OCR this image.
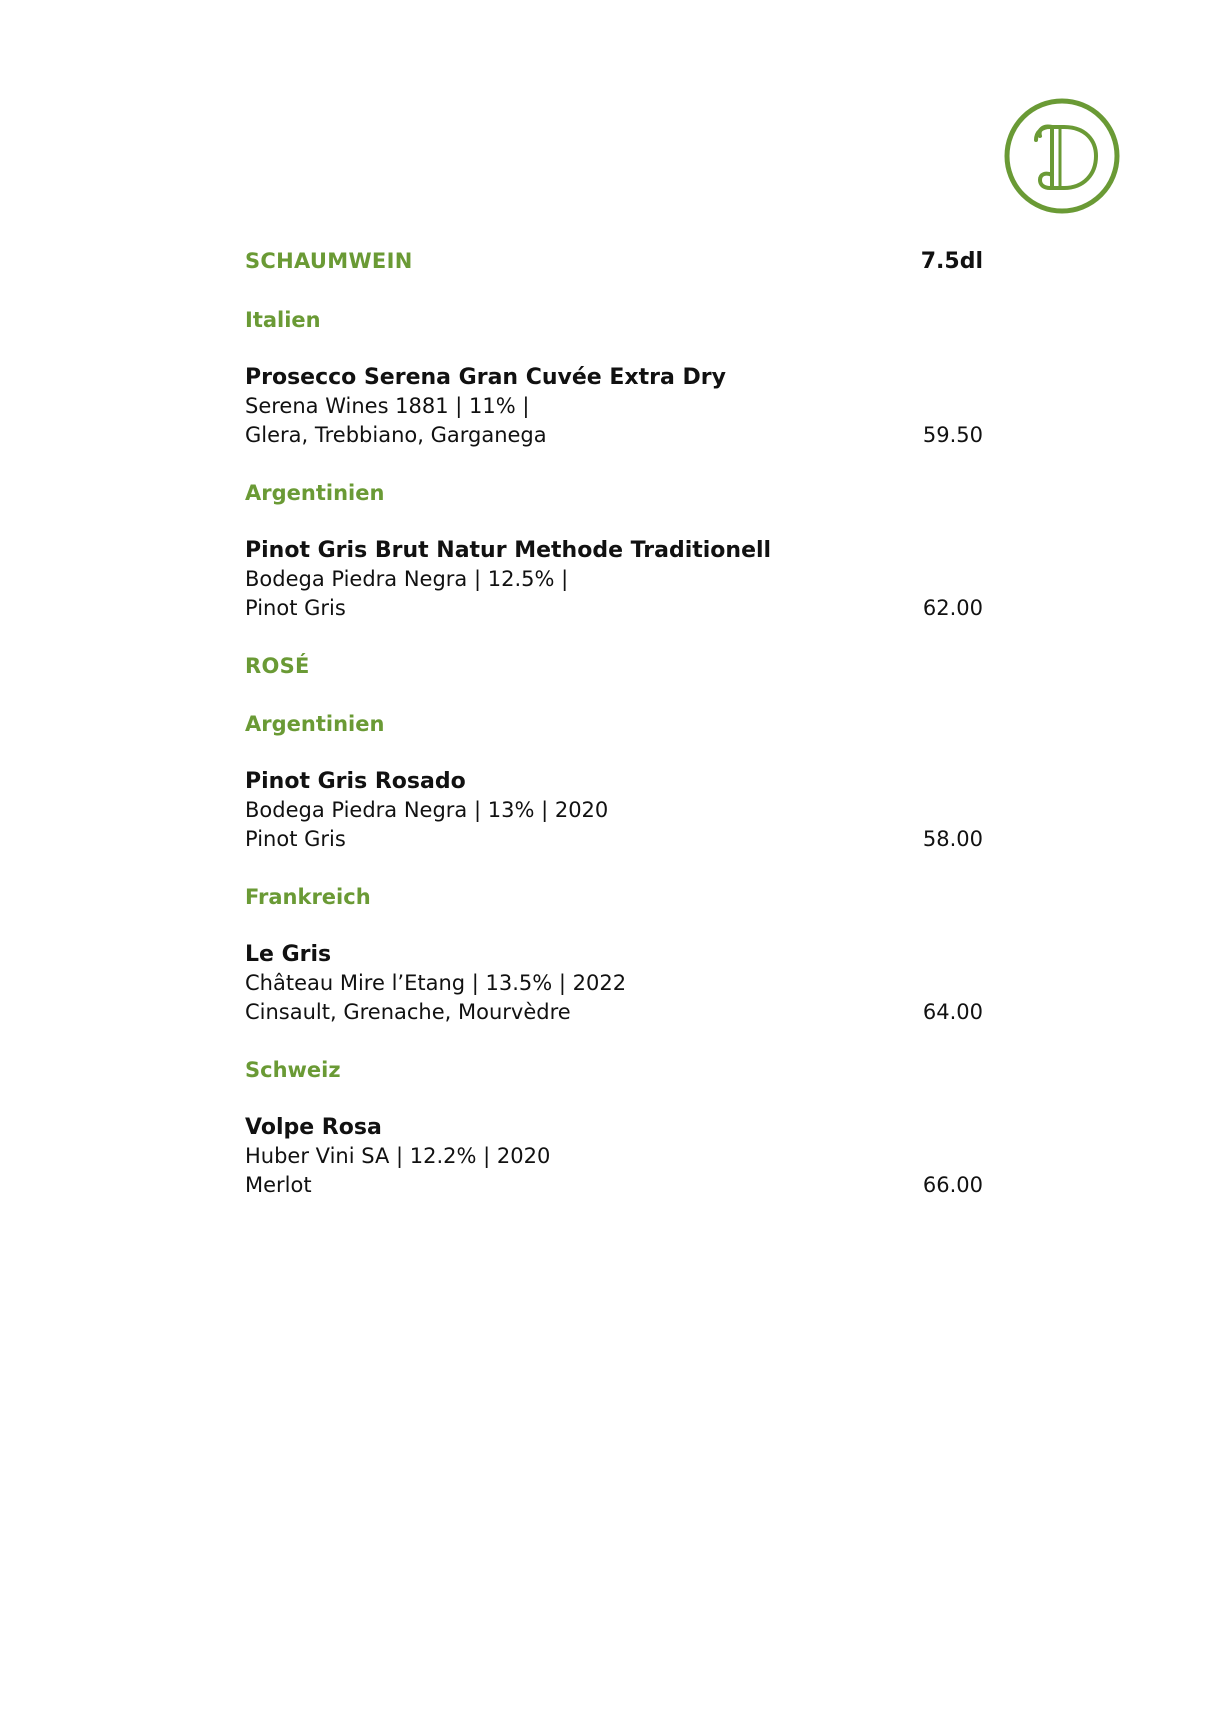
SCHAUMWEIN	7.5dl
Italien
Prosecco Serena Gran Cuvée Extra Dry
Serena Wines 1881 | 11% |
Glera, Trebbiano, Garganega	59.50
Argentinien
Pinot Gris Brut Natur Methode Traditionell
Bodega Piedra Negra | 12.5% |
Pinot Gris	62.00
ROSÉ
Argentinien
Pinot Gris Rosado
Bodega Piedra Negra | 13% | 2020
Pinot Gris	58.00
Frankreich
Le Gris
Château Mire l’Etang | 13.5% | 2022
Cinsault, Grenache, Mourvèdre	64.00
Schweiz
Volpe Rosa
Huber Vini SA | 12.2% | 2020
Merlot	66.00
